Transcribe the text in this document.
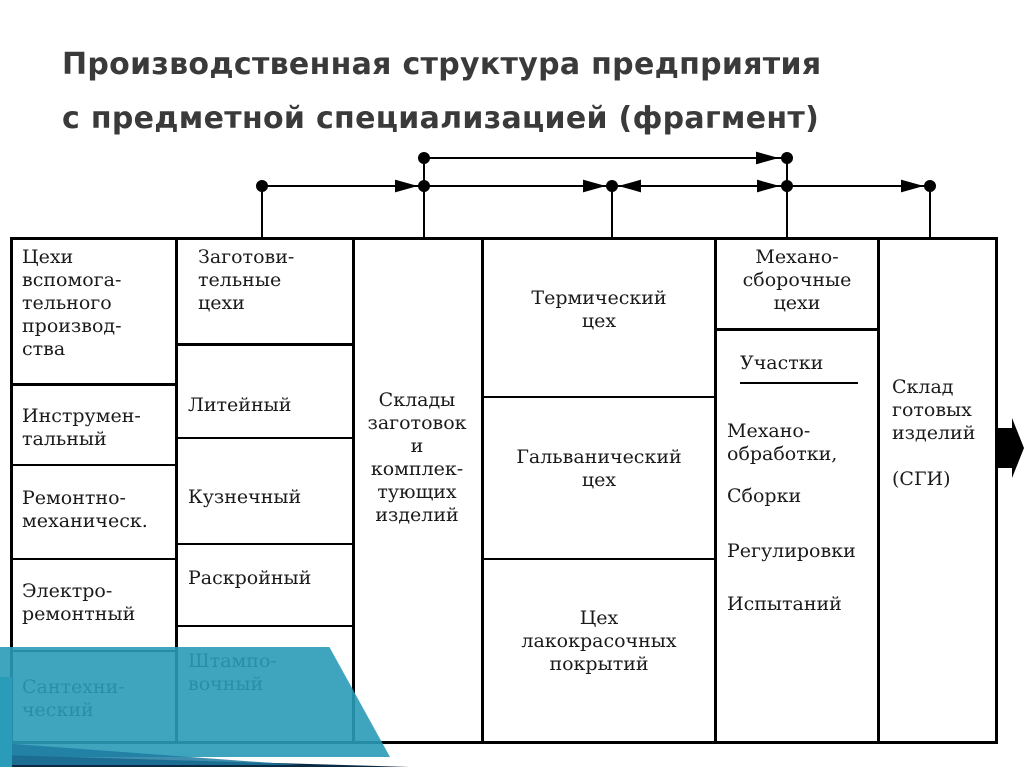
Производственная структура предприятия
с предметной специализацией (фрагмент)
Цехи
вспомога-
тельного
производ-
ства
Инструмен-
тальный
Ремонтно-
механическ.
Электро-
ремонтный
Заготови-
тельные
цехи
Литейный
Кузнечный
Раскройный
Склады
заготовок
и
комплек-
тующих
изделий
Термический
цех
Гальванический
цех
Цех
лакокрасочных
покрытий
Механо-
сборочные
цехи
Участки
Механо-
обработки,
Сборки
Регулировки
Испытаний
Склад
готовых
изделий

(СГИ)
